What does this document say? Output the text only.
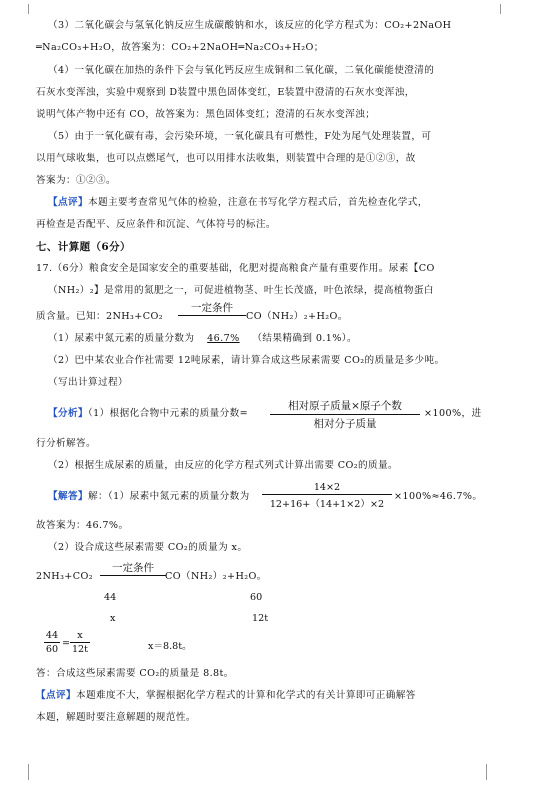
（3）二氧化碳会与氢氧化钠反应生成碳酸钠和水，该反应的化学方程式为：CO₂+2NaOH
═Na₂CO₃+H₂O，故答案为：CO₂+2NaOH═Na₂CO₃+H₂O；
（4）一氧化碳在加热的条件下会与氧化钙反应生成铜和二氧化碳，二氧化碳能使澄清的
石灰水变浑浊，实验中观察到 D装置中黑色固体变红，E装置中澄清的石灰水变浑浊，
说明气体产物中还有 CO，故答案为：黑色固体变红；澄清的石灰水变浑浊；
（5）由于一氧化碳有毒，会污染环境，一氧化碳具有可燃性，F处为尾气处理装置，可
以用气球收集，也可以点燃尾气，也可以用排水法收集，则装置中合理的是①②③，故
答案为：①②③。
【点评】本题主要考查常见气体的检验，注意在书写化学方程式后，首先检查化学式，
再检查是否配平、反应条件和沉淀、气体符号的标注。
七、计算题（6分）
17.（6分）粮食安全是国家安全的重要基础，化肥对提高粮食产量有重要作用。尿素【CO
（NH₂）₂】是常用的氮肥之一，可促进植物茎、叶生长茂盛，叶色浓绿，提高植物蛋白
质含量。已知：2NH₃+CO₂
一定条件
CO（NH₂）₂+H₂O。
（1）尿素中氮元素的质量分数为 46.7% （结果精确到 0.1%）。
（2）巴中某农业合作社需要 12吨尿素，请计算合成这些尿素需要 CO₂的质量是多少吨。
（写出计算过程）
【分析】（1）根据化合物中元素的质量分数=
相对原子质量×原子个数
相对分子质量
×100%，进
行分析解答。
（2）根据生成尿素的质量，由反应的化学方程式列式计算出需要 CO₂的质量。
【解答】解：（1）尿素中氮元素的质量分数为
14×2
12+16+（14+1×2）×2
×100%≈46.7%。
故答案为：46.7%。
（2）设合成这些尿素需要 CO₂的质量为 x。
2NH₃+CO₂
一定条件
CO（NH₂）₂+H₂O。
44	60
x	12t
44
60
=
x
12t	x＝8.8t。
答：合成这些尿素需要 CO₂的质量是 8.8t。
【点评】本题难度不大，掌握根据化学方程式的计算和化学式的有关计算即可正确解答
本题，解题时要注意解题的规范性。
